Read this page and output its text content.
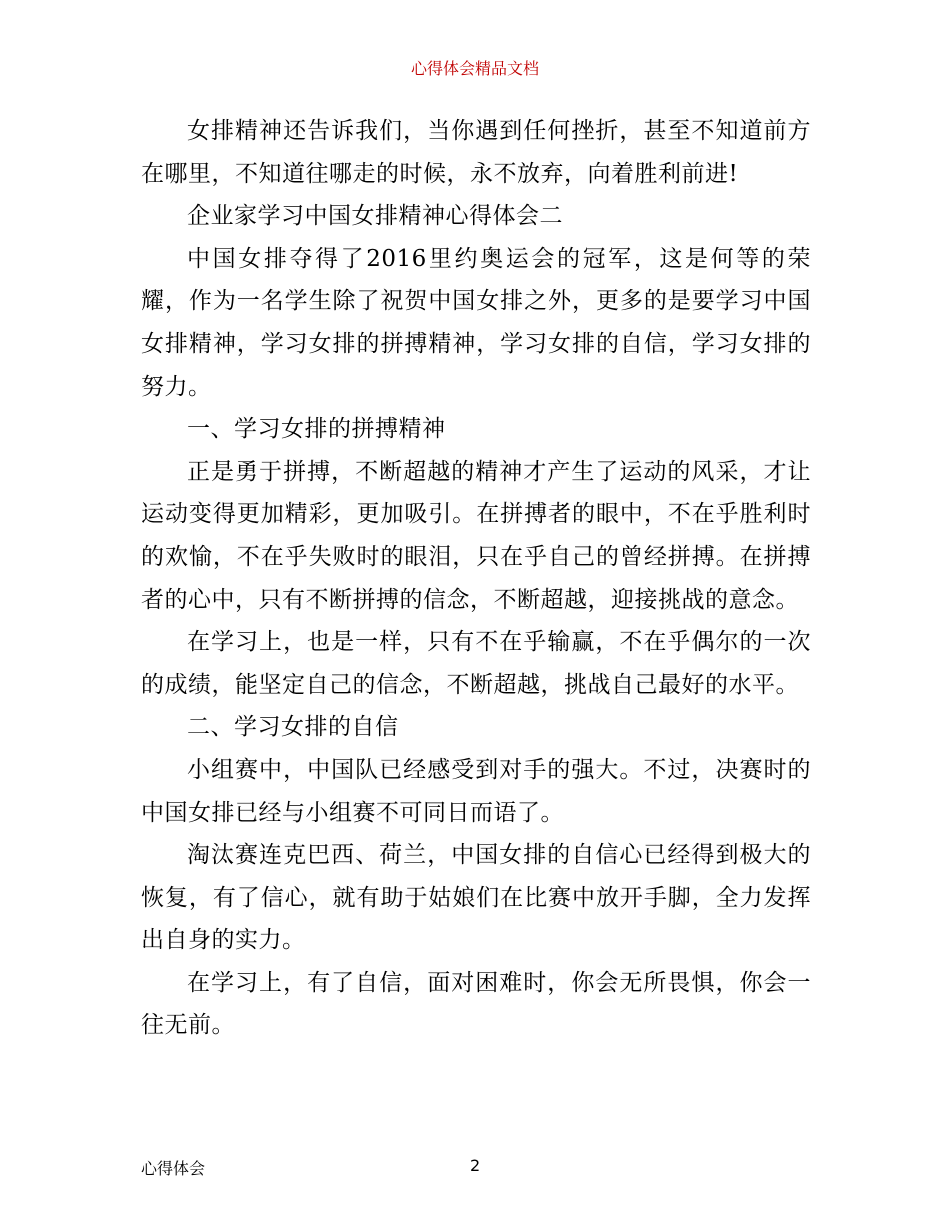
心得体会精品文档

女排精神还告诉我们，当你遇到任何挫折，甚至不知道前方在哪里，不知道往哪走的时候，永不放弃，向着胜利前进!

企业家学习中国女排精神心得体会二

中国女排夺得了2016里约奥运会的冠军，这是何等的荣耀，作为一名学生除了祝贺中国女排之外，更多的是要学习中国女排精神，学习女排的拼搏精神，学习女排的自信，学习女排的努力。

一、学习女排的拼搏精神

正是勇于拼搏，不断超越的精神才产生了运动的风采，才让运动变得更加精彩，更加吸引。在拼搏者的眼中，不在乎胜利时的欢愉，不在乎失败时的眼泪，只在乎自己的曾经拼搏。在拼搏者的心中，只有不断拼搏的信念，不断超越，迎接挑战的意念。

在学习上，也是一样，只有不在乎输赢，不在乎偶尔的一次的成绩，能坚定自己的信念，不断超越，挑战自己最好的水平。

二、学习女排的自信

小组赛中，中国队已经感受到对手的强大。不过，决赛时的中国女排已经与小组赛不可同日而语了。

淘汰赛连克巴西、荷兰，中国女排的自信心已经得到极大的恢复，有了信心，就有助于姑娘们在比赛中放开手脚，全力发挥出自身的实力。

在学习上，有了自信，面对困难时，你会无所畏惧，你会一往无前。

心得体会	2
